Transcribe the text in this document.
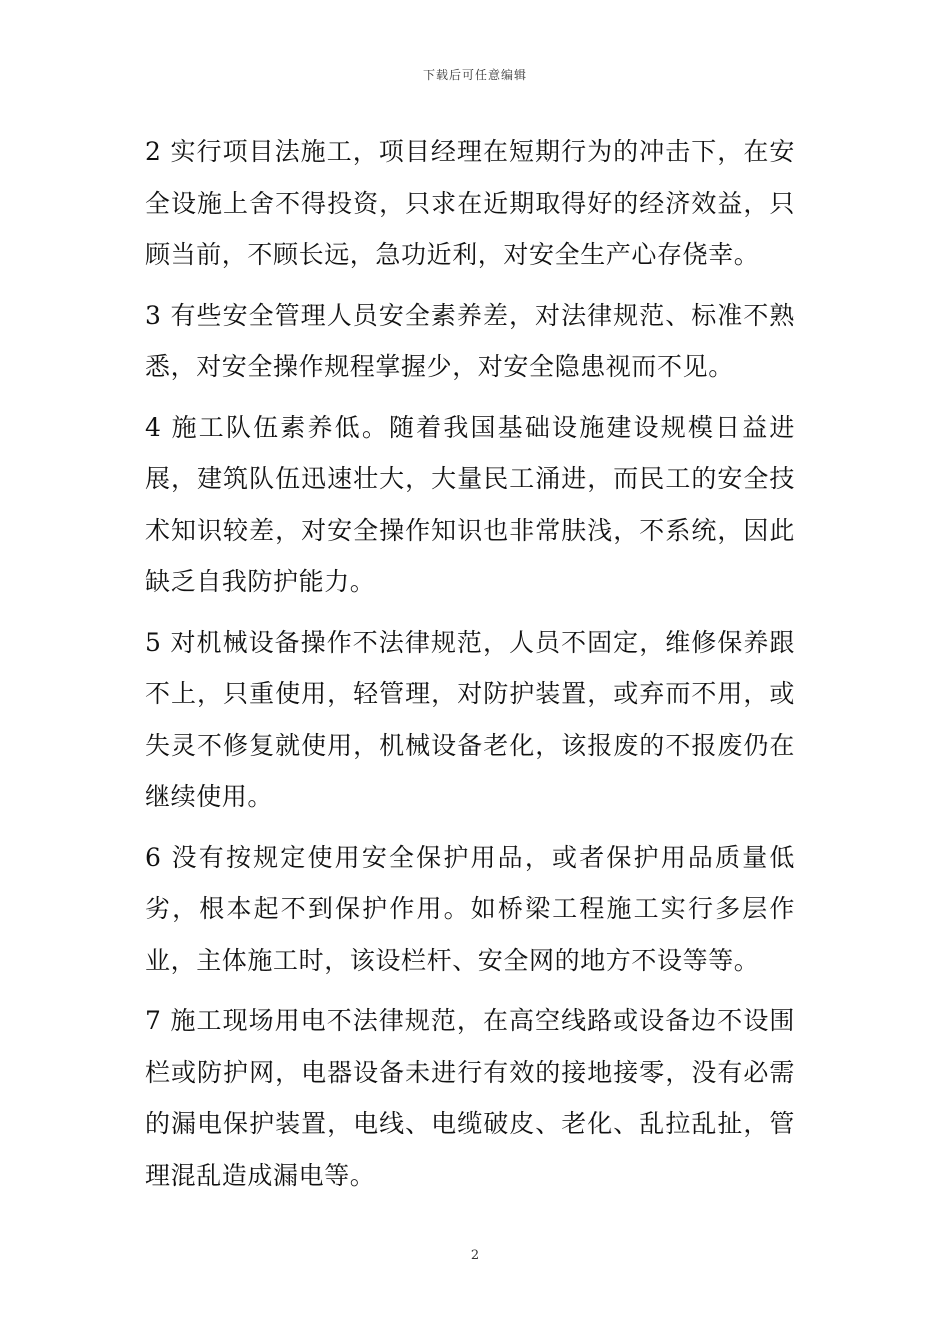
下载后可任意编辑

2 实行项目法施工，项目经理在短期行为的冲击下，在安全设施上舍不得投资，只求在近期取得好的经济效益，只顾当前，不顾长远，急功近利，对安全生产心存侥幸。

3 有些安全管理人员安全素养差，对法律规范、标准不熟悉，对安全操作规程掌握少，对安全隐患视而不见。

4 施工队伍素养低。随着我国基础设施建设规模日益进展，建筑队伍迅速壮大，大量民工涌进，而民工的安全技术知识较差，对安全操作知识也非常肤浅，不系统，因此缺乏自我防护能力。

5 对机械设备操作不法律规范，人员不固定，维修保养跟不上，只重使用，轻管理，对防护装置，或弃而不用，或失灵不修复就使用，机械设备老化，该报废的不报废仍在继续使用。

6 没有按规定使用安全保护用品，或者保护用品质量低劣，根本起不到保护作用。如桥梁工程施工实行多层作业，主体施工时，该设栏杆、安全网的地方不设等等。

7 施工现场用电不法律规范，在高空线路或设备边不设围栏或防护网，电器设备未进行有效的接地接零，没有必需的漏电保护装置，电线、电缆破皮、老化、乱拉乱扯，管理混乱造成漏电等。

2
